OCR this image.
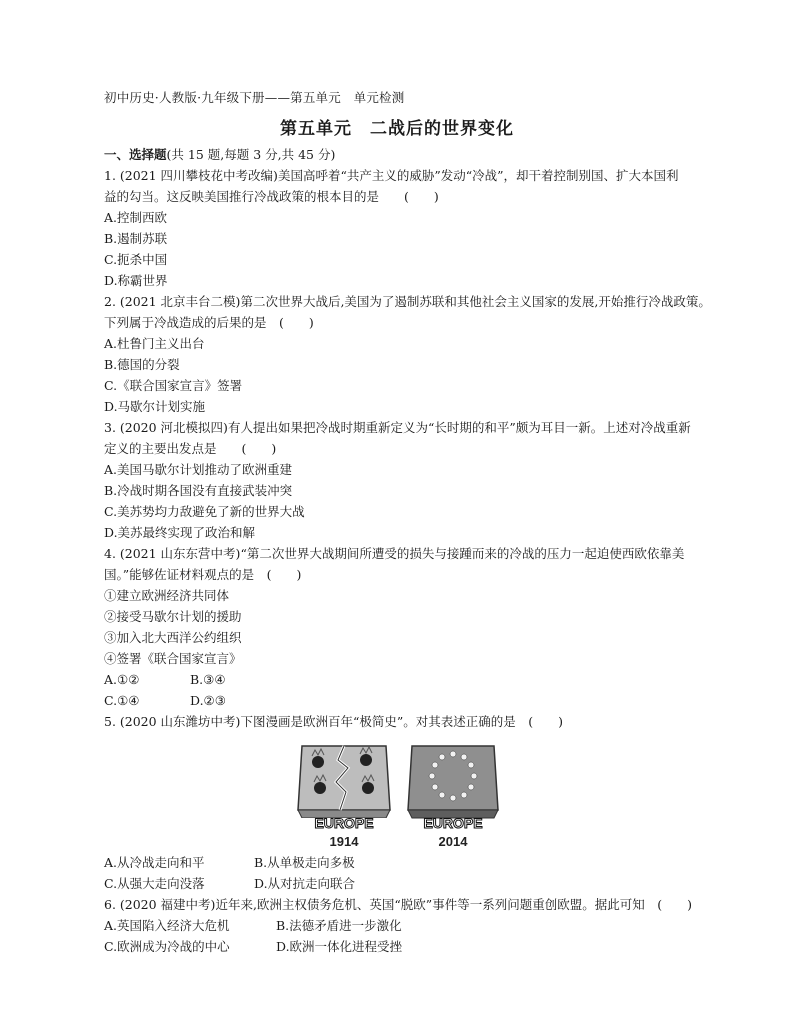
初中历史·人教版·九年级下册——第五单元　单元检测
第五单元　二战后的世界变化
一、选择题(共 15 题,每题 3 分,共 45 分)
1. (2021 四川攀枝花中考改编)美国高呼着“共产主义的威胁”发动“冷战”，却干着控制别国、扩大本国利
益的勾当。这反映美国推行冷战政策的根本目的是　　(　　)
A.控制西欧
B.遏制苏联
C.扼杀中国
D.称霸世界
2. (2021 北京丰台二模)第二次世界大战后,美国为了遏制苏联和其他社会主义国家的发展,开始推行冷战政策。
下列属于冷战造成的后果的是　(　　)
A.杜鲁门主义出台
B.德国的分裂
C.《联合国家宣言》签署
D.马歇尔计划实施
3. (2020 河北模拟四)有人提出如果把冷战时期重新定义为“长时期的和平”颇为耳目一新。上述对冷战重新
定义的主要出发点是　　(　　)
A.美国马歇尔计划推动了欧洲重建
B.冷战时期各国没有直接武装冲突
C.美苏势均力敌避免了新的世界大战
D.美苏最终实现了政治和解
4. (2021 山东东营中考)“第二次世界大战期间所遭受的损失与接踵而来的冷战的压力一起迫使西欧依靠美
国。”能够佐证材料观点的是　(　　)
①建立欧洲经济共同体
②接受马歇尔计划的援助
③加入北大西洋公约组织
④签署《联合国家宣言》
A.①②	B.③④
C.①④	D.②③
5. (2020 山东潍坊中考)下图漫画是欧洲百年“极简史”。对其表述正确的是　(　　)
EUROPE
1914
EUROPE
2014
A.从冷战走向和平	B.从单极走向多极
C.从强大走向没落	D.从对抗走向联合
6. (2020 福建中考)近年来,欧洲主权债务危机、英国“脱欧”事件等一系列问题重创欧盟。据此可知　(　　)
A.英国陷入经济大危机	B.法德矛盾进一步激化
C.欧洲成为冷战的中心	D.欧洲一体化进程受挫
